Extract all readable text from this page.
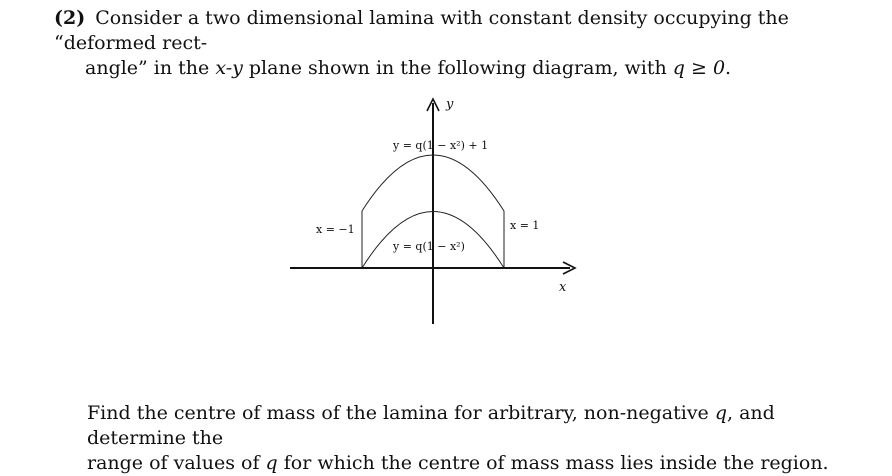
(2) Consider a two dimensional lamina with constant density occupying the “deformed rect-
angle” in the x-y plane shown in the following diagram, with q ≥ 0.
y
x
y = q(1 − x²) + 1
y = q(1 − x²)
x = −1	x = 1
Find the centre of mass of the lamina for arbitrary, non-negative q, and determine the
range of values of q for which the centre of mass mass lies inside the region.
